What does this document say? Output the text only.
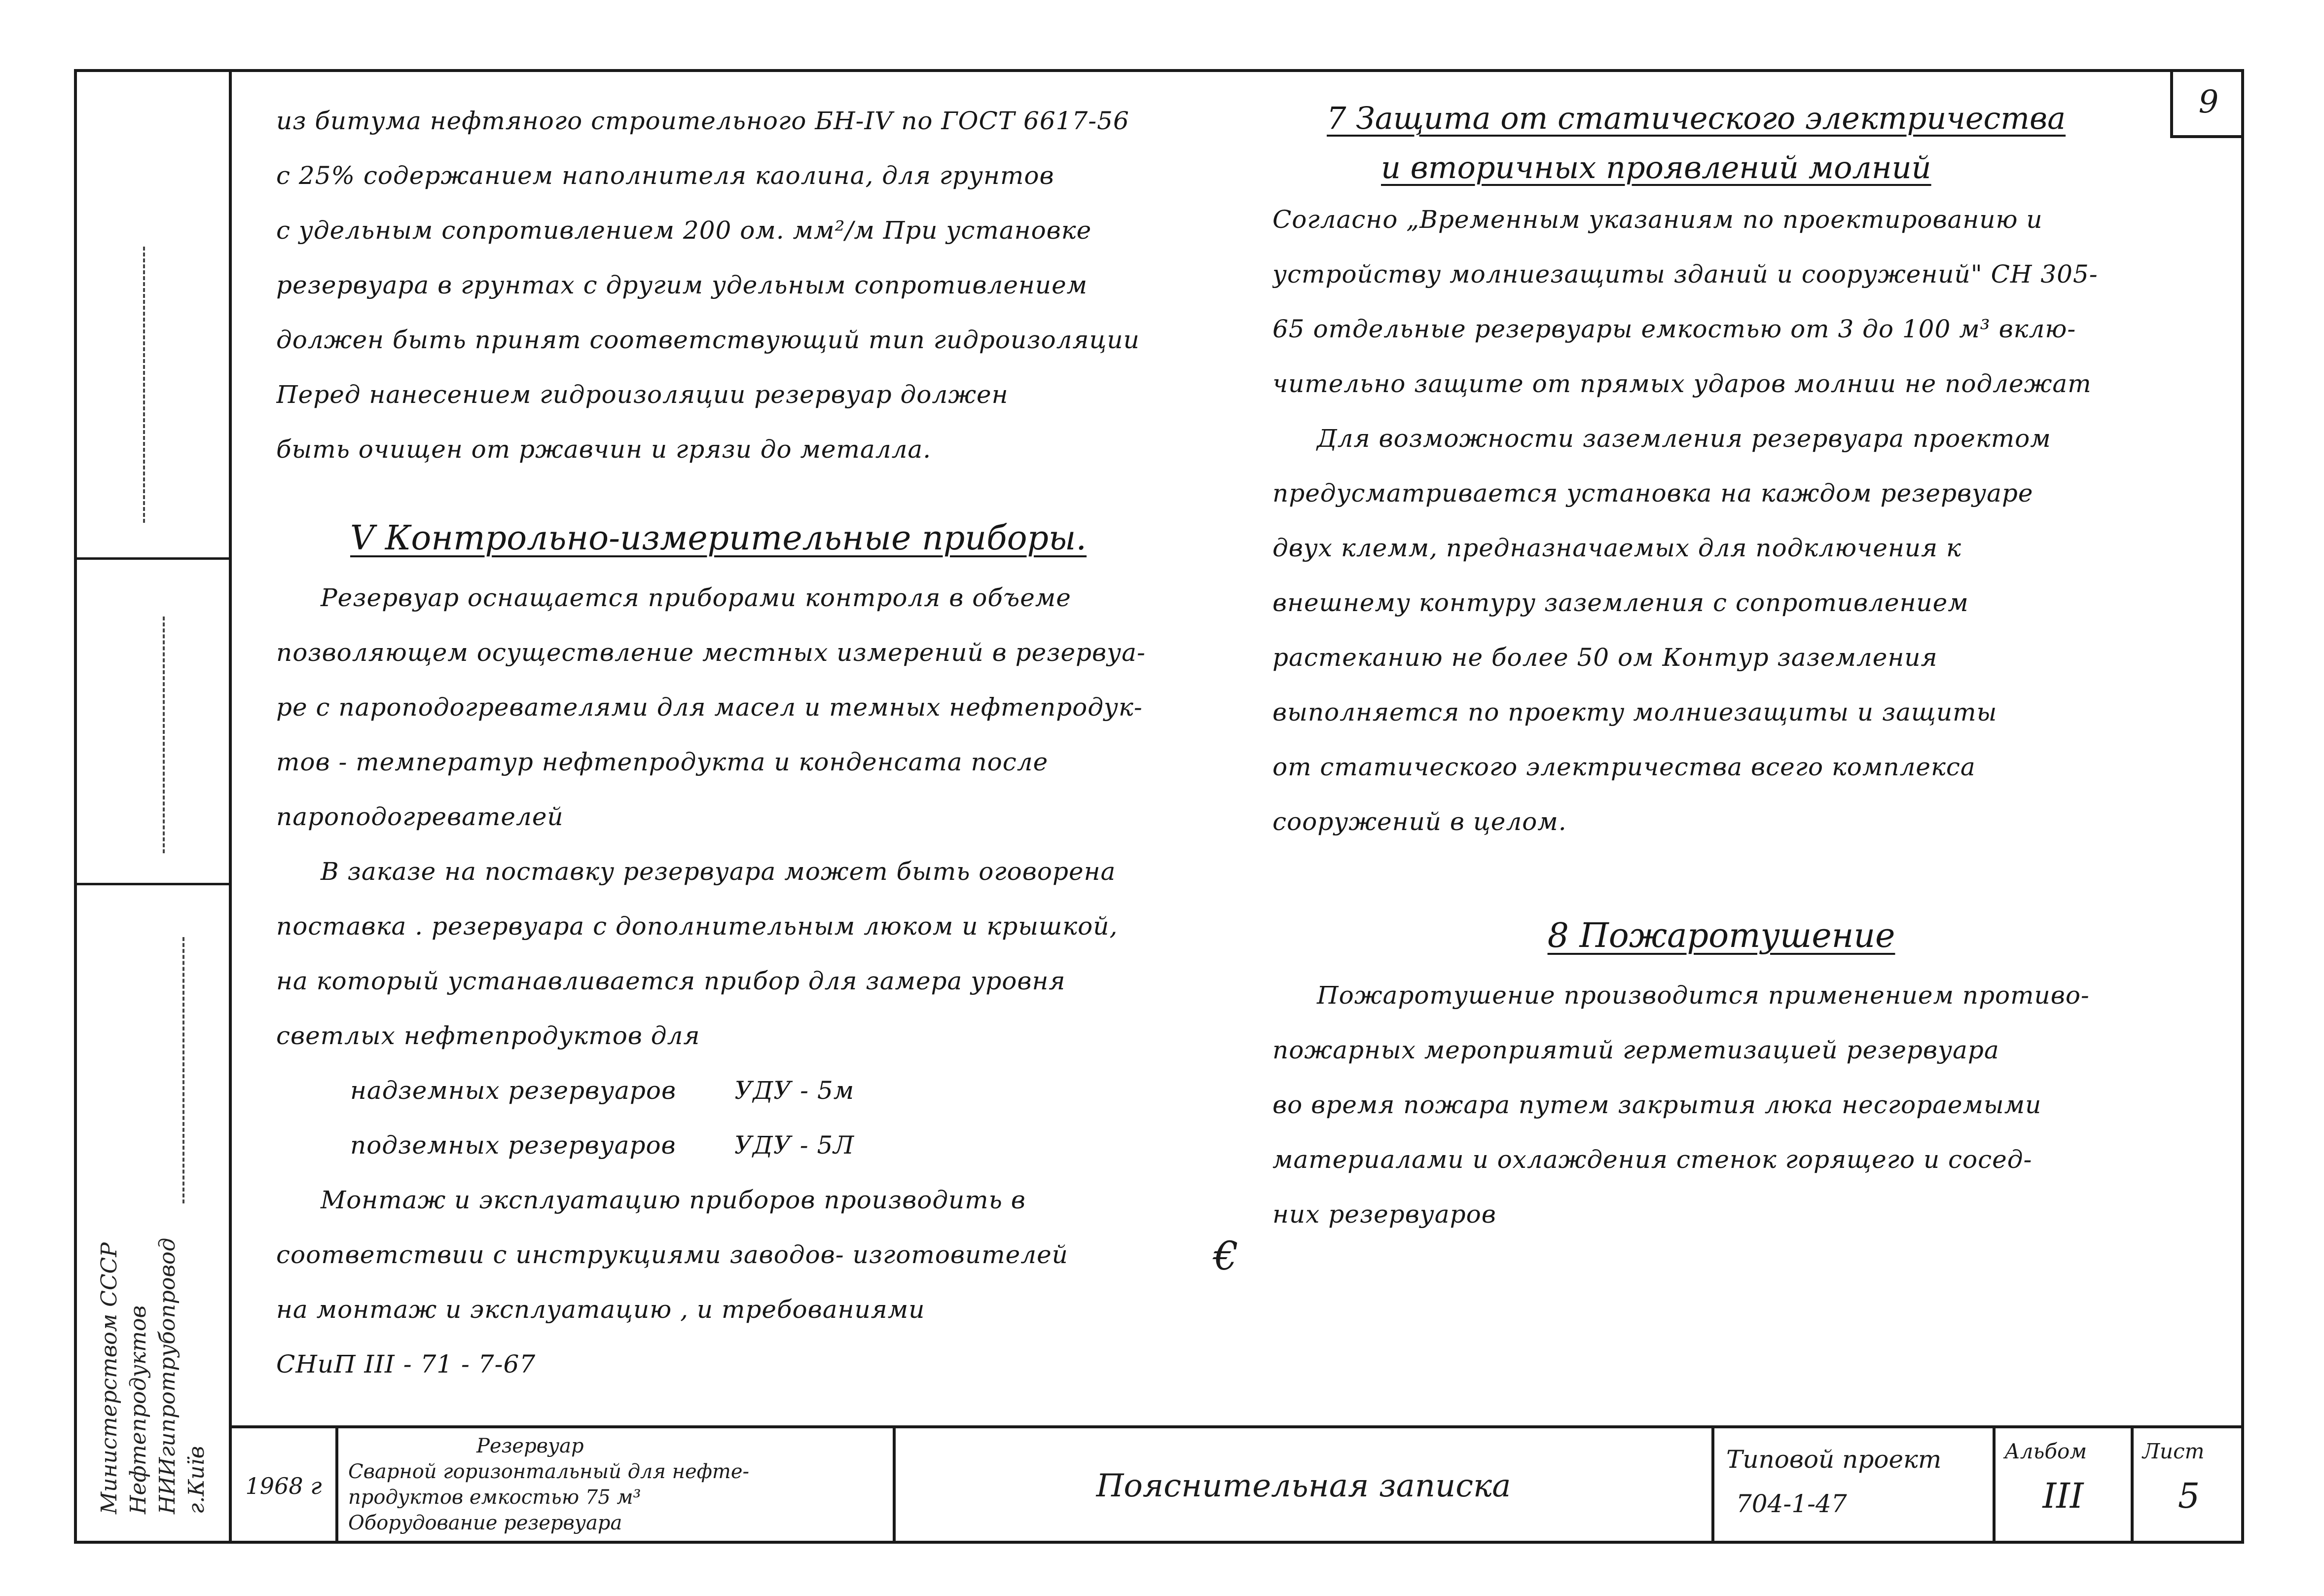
Министерством СССР Нефтепродуктов НИИгипротрубопровод г.Київ
9
из битума нефтяного строительного БН-IV по ГОСТ 6617-56
с 25% содержанием наполнителя каолина, для грунтов
с удельным сопротивлением 200 ом. мм²/м При установке
резервуара в грунтах с другим удельным сопротивлением
должен быть принят соответствующий тип гидроизоляции
Перед нанесением гидроизоляции резервуар должен
быть очищен от ржавчин и грязи до металла.
V Контрольно-измерительные приборы.
Резервуар оснащается приборами контроля в объеме
позволяющем осуществление местных измерений в резервуа-
ре с пароподогревателями для масел и темных нефтепродук-
тов - температур нефтепродукта и конденсата после
пароподогревателей
В заказе на поставку резервуара может быть оговорена
поставка . резервуара с дополнительным люком и крышкой,
на который устанавливается прибор для замера уровня
светлых нефтепродуктов для
надземных резервуаров УДУ - 5м
подземных резервуаров УДУ - 5Л
Монтаж и эксплуатацию приборов производить в
соответствии с инструкциями заводов- изготовителей
на монтаж и эксплуатацию , и требованиями
СНиП III - 71 - 7-67
€
7 Защита от статического электричества
и вторичных проявлений молний
Согласно „Временным указаниям по проектированию и
устройству молниезащиты зданий и сооружений" СН 305-
65 отдельные резервуары емкостью от 3 до 100 м³ вклю-
чительно защите от прямых ударов молнии не подлежат
Для возможности заземления резервуара проектом
предусматривается установка на каждом резервуаре
двух клемм, предназначаемых для подключения к
внешнему контуру заземления с сопротивлением
растеканию не более 50 ом Контур заземления
выполняется по проекту молниезащиты и защиты
от статического электричества всего комплекса
сооружений в целом.
8 Пожаротушение
Пожаротушение производится применением противо-
пожарных мероприятий герметизацией резервуара
во время пожара путем закрытия люка несгораемыми
материалами и охлаждения стенок горящего и сосед-
них резервуаров
1968 г
Резервуар
Сварной горизонтальный для нефте-
продуктов емкостью 75 м³
Оборудование резервуара
Пояснительная записка
Типовой проект
704-1-47
Альбом
III
Лист
5
